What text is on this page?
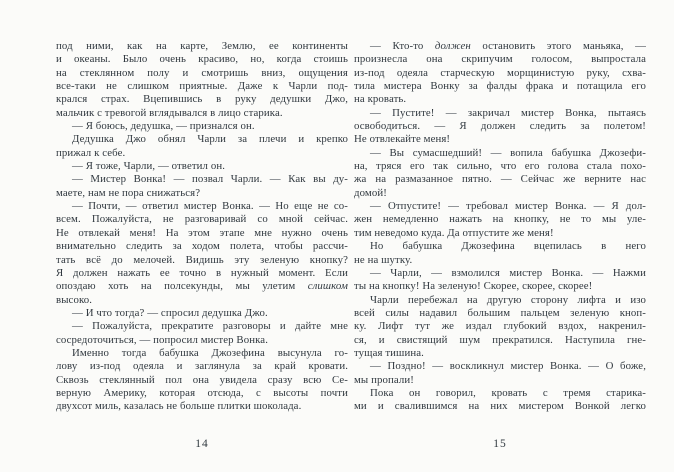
под ними, как на карте, Землю, ее континенты
и океаны. Было очень красиво, но, когда стоишь
на стеклянном полу и смотришь вниз, ощущения
все-таки не слишком приятные. Даже к Чарли под-
крался страх. Вцепившись в руку дедушки Джо,
мальчик с тревогой вглядывался в лицо старика.
— Я боюсь, дедушка, — признался он.
Дедушка Джо обнял Чарли за плечи и крепко
прижал к себе.
— Я тоже, Чарли, — ответил он.
— Мистер Вонка! — позвал Чарли. — Как вы ду-
маете, нам не пора снижаться?
— Почти, — ответил мистер Вонка. — Но еще не со-
всем. Пожалуйста, не разговаривай со мной сейчас.
Не отвлекай меня! На этом этапе мне нужно очень
внимательно следить за ходом полета, чтобы рассчи-
тать всё до мелочей. Видишь эту зеленую кнопку?
Я должен нажать ее точно в нужный момент. Если
опоздаю хоть на полсекунды, мы улетим слишком
высоко.
— И что тогда? — спросил дедушка Джо.
— Пожалуйста, прекратите разговоры и дайте мне
сосредоточиться, — попросил мистер Вонка.
Именно тогда бабушка Джозефина высунула го-
лову из-под одеяла и заглянула за край кровати.
Сквозь стеклянный пол она увидела сразу всю Се-
верную Америку, которая отсюда, с высоты почти
двухсот миль, казалась не больше плитки шоколада.
14
— Кто-то должен остановить этого маньяка, —
произнесла она скрипучим голосом, выпростала
из-под одеяла старческую морщинистую руку, схва-
тила мистера Вонку за фалды фрака и потащила его
на кровать.
— Пустите! — закричал мистер Вонка, пытаясь
освободиться. — Я должен следить за полетом!
Не отвлекайте меня!
— Вы сумасшедший! — вопила бабушка Джозефи-
на, тряся его так сильно, что его голова стала похо-
жа на размазанное пятно. — Сейчас же верните нас
домой!
— Отпустите! — требовал мистер Вонка. — Я дол-
жен немедленно нажать на кнопку, не то мы уле-
тим неведомо куда. Да отпустите же меня!
Но бабушка Джозефина вцепилась в него
не на шутку.
— Чарли, — взмолился мистер Вонка. — Нажми
ты на кнопку! На зеленую! Скорее, скорее, скорее!
Чарли перебежал на другую сторону лифта и изо
всей силы надавил большим пальцем зеленую кноп-
ку. Лифт тут же издал глубокий вздох, накренил-
ся, и свистящий шум прекратился. Наступила гне-
тущая тишина.
— Поздно! — воскликнул мистер Вонка. — О боже,
мы пропали!
Пока он говорил, кровать с тремя старика-
ми и свалившимся на них мистером Вонкой легко
15
